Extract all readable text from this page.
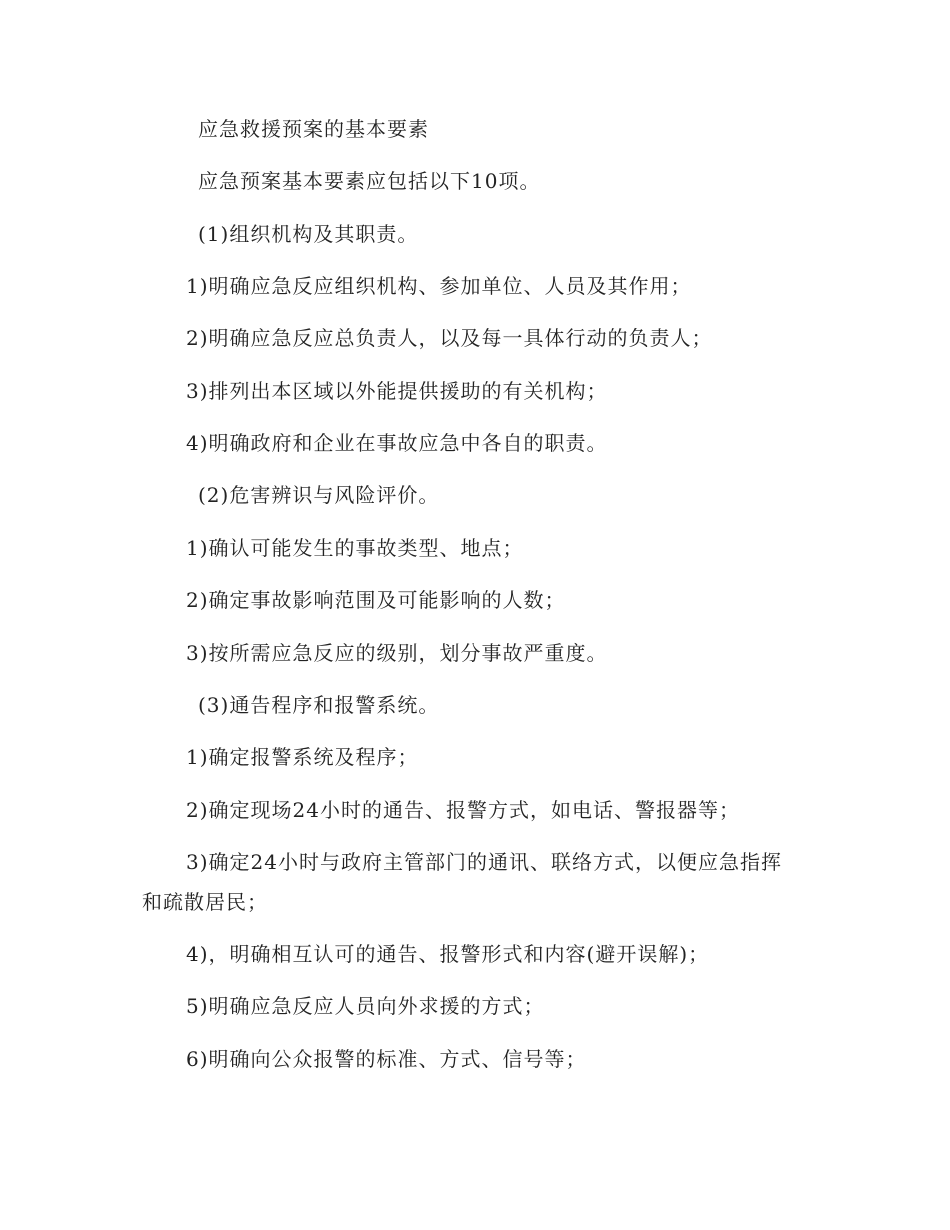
应急救援预案的基本要素
应急预案基本要素应包括以下10项。
(1)组织机构及其职责。
1)明确应急反应组织机构、参加单位、人员及其作用；
2)明确应急反应总负责人，以及每一具体行动的负责人；
3)排列出本区域以外能提供援助的有关机构；
4)明确政府和企业在事故应急中各自的职责。
(2)危害辨识与风险评价。
1)确认可能发生的事故类型、地点；
2)确定事故影响范围及可能影响的人数；
3)按所需应急反应的级别，划分事故严重度。
(3)通告程序和报警系统。
1)确定报警系统及程序；
2)确定现场24小时的通告、报警方式，如电话、警报器等；
3)确定24小时与政府主管部门的通讯、联络方式，以便应急指挥
和疏散居民；
4)，明确相互认可的通告、报警形式和内容(避开误解)；
5)明确应急反应人员向外求援的方式；
6)明确向公众报警的标准、方式、信号等；
